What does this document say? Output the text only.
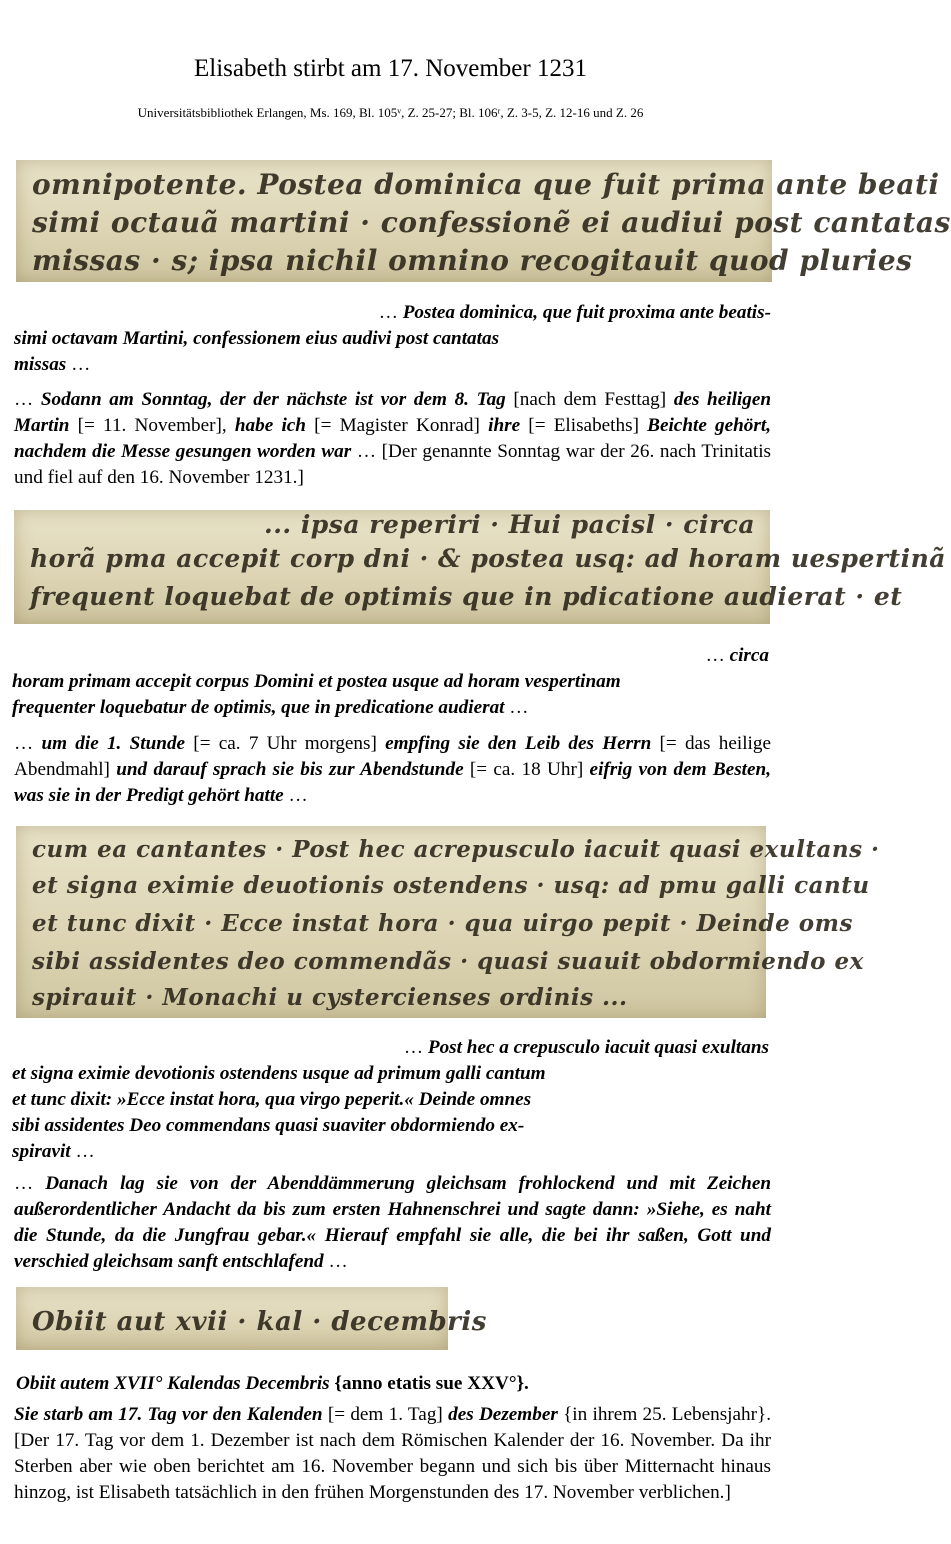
Elisabeth stirbt am 17. November 1231
Universitätsbibliothek Erlangen, Ms. 169, Bl. 105ᵛ, Z. 25-27; Bl. 106ʳ, Z. 3-5, Z. 12-16 und Z. 26
omnipotente. Postea dominica que fuit prima ante beati
simi octauã martini · confessionẽ ei audiui post cantatas
missas · s; ipsa nichil omnino recogitauit quod pluries

… Postea dominica, que fuit proxima ante beatis-

simi octavam Martini, confessionem eius audivi post cantatas

missas …

… Sodann am Sonntag, der der nächste ist vor dem 8. Tag [nach dem Festtag] des heiligen Martin [= 11. November], habe ich [= Magister Konrad] ihre [= Elisabeths] Beichte gehört, nachdem die Messe gesungen worden war … [Der genannte Sonntag war der 26. nach Trinitatis und fiel auf den 16. November 1231.]

... ipsa reperiri · Hui pacisl · circa
horã pma accepit corp dni · & postea usq: ad horam uespertinã
frequent loquebat de optimis que in pdicatione audierat · et

… circa

horam primam accepit corpus Domini et postea usque ad horam vespertinam

frequenter loquebatur de optimis, que in predicatione audierat …

… um die 1. Stunde [= ca. 7 Uhr morgens] empfing sie den Leib des Herrn [= das heilige Abendmahl] und darauf sprach sie bis zur Abendstunde [= ca. 18 Uhr] eifrig von dem Besten, was sie in der Predigt gehört hatte …

cum ea cantantes · Post hec acrepusculo iacuit quasi exultans ·
et signa eximie deuotionis ostendens · usq: ad pmu galli cantu
et tunc dixit · Ecce instat hora · qua uirgo pepit · Deinde oms
sibi assidentes deo commendãs · quasi suauit obdormiendo ex
spirauit · Monachi u cystercienses ordinis ...

… Post hec a crepusculo iacuit quasi exultans

et signa eximie devotionis ostendens usque ad primum galli cantum

et tunc dixit: »Ecce instat hora, qua virgo peperit.« Deinde omnes

sibi assidentes Deo commendans quasi suaviter obdormiendo ex-

spiravit …

… Danach lag sie von der Abenddämmerung gleichsam frohlockend und mit Zeichen außerordentlicher Andacht da bis zum ersten Hahnenschrei und sagte dann: »Siehe, es naht die Stunde, da die Jungfrau gebar.« Hierauf empfahl sie alle, die bei ihr saßen, Gott und verschied gleichsam sanft entschlafend …

Obiit aut xvii · kal · decembris

Obiit autem XVII° Kalendas Decembris {anno etatis sue XXV°}.

Sie starb am 17. Tag vor den Kalenden [= dem 1. Tag] des Dezember {in ihrem 25. Lebensjahr}. [Der 17. Tag vor dem 1. Dezember ist nach dem Römischen Kalender der 16. November. Da ihr Sterben aber wie oben berichtet am 16. November begann und sich bis über Mitternacht hinaus hinzog, ist Elisabeth tatsächlich in den frühen Morgenstunden des 17. November verblichen.]
